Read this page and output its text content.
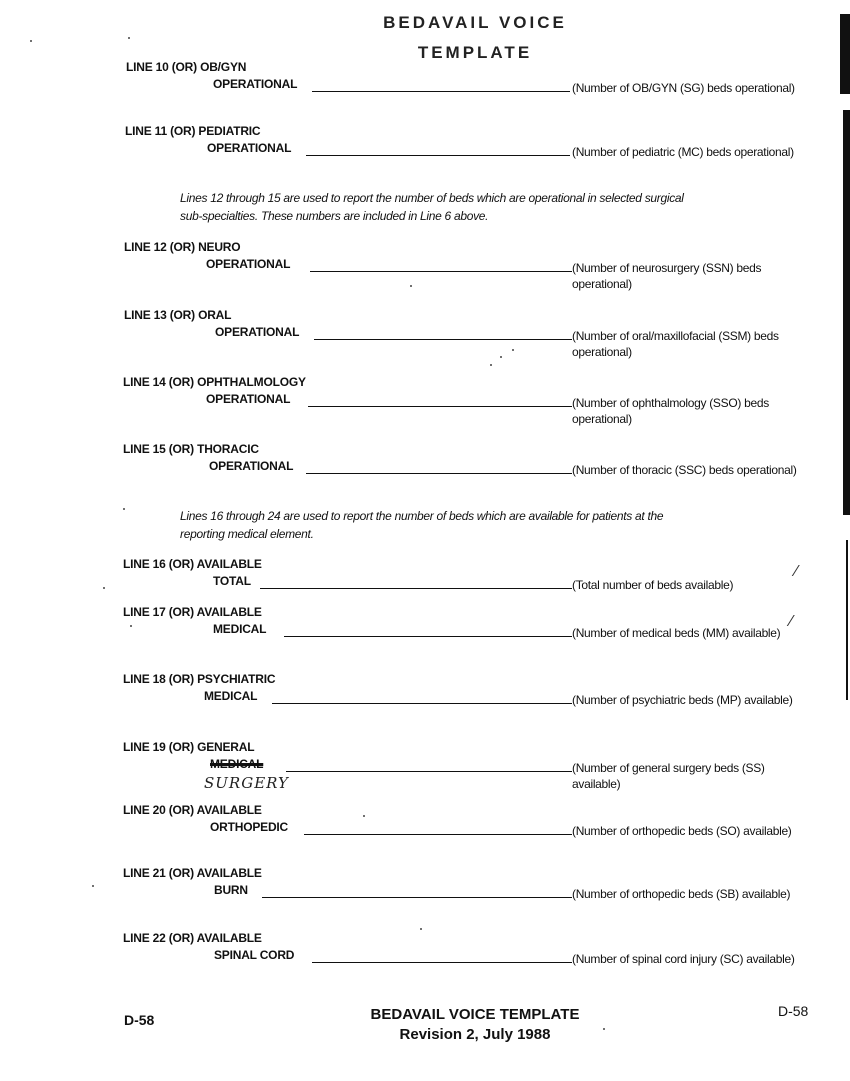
BEDAVAIL VOICE TEMPLATE
LINE 10 (OR) OB/GYN
OPERATIONAL	(Number of OB/GYN (SG) beds operational)
LINE 11 (OR) PEDIATRIC
OPERATIONAL	(Number of pediatric (MC) beds operational)
Lines 12 through 15 are used to report the number of beds which are operational in selected surgical sub-specialties. These numbers are included in Line 6 above.
LINE 12 (OR) NEURO
OPERATIONAL	(Number of neurosurgery (SSN) beds operational)
LINE 13 (OR) ORAL
OPERATIONAL	(Number of oral/maxillofacial (SSM) beds operational)
LINE 14 (OR) OPHTHALMOLOGY
OPERATIONAL	(Number of ophthalmology (SSO) beds operational)
LINE 15 (OR) THORACIC
OPERATIONAL	(Number of thoracic (SSC) beds operational)
Lines 16 through 24 are used to report the number of beds which are available for patients at the reporting medical element.
LINE 16 (OR) AVAILABLE
TOTAL	(Total number of beds available)
LINE 17 (OR) AVAILABLE
MEDICAL	(Number of medical beds (MM) available)
LINE 18 (OR) PSYCHIATRIC
MEDICAL	(Number of psychiatric beds (MP) available)
LINE 19 (OR) GENERAL
MEDICAL
SURGERY
(Number of general surgery beds (SS) available)
LINE 20 (OR) AVAILABLE
ORTHOPEDIC	(Number of orthopedic beds (SO) available)
LINE 21 (OR) AVAILABLE
BURN	(Number of orthopedic beds (SB) available)
LINE 22 (OR) AVAILABLE
SPINAL CORD	(Number of spinal cord injury (SC) available)
D-58	BEDAVAIL VOICE TEMPLATE
Revision 2, July 1988
D-58
⁄
⁄
